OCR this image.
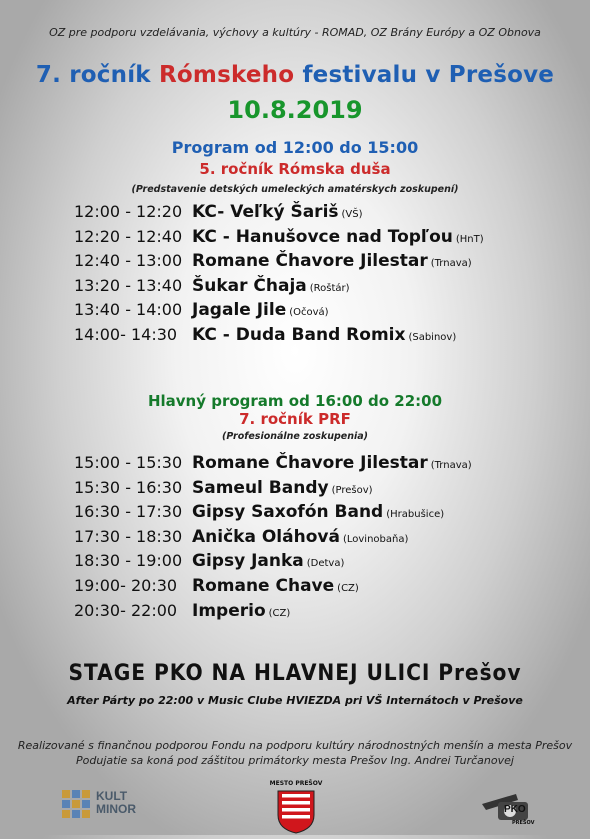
OZ pre podporu vzdelávania, výchovy a kultúry - ROMAD, OZ Brány Európy a OZ Obnova
7. ročník Rómskeho festivalu v Prešove
10.8.2019
Program od 12:00 do 15:00
5. ročník Rómska duša
(Predstavenie detských umeleckých amatérskych zoskupení)
12:00 - 12:20 KC- Veľký Šariš (VŠ)
12:20 - 12:40 KC - Hanušovce nad Topľou (HnT)
12:40 - 13:00 Romane Čhavore Jilestar (Trnava)
13:20 - 13:40 Šukar Čhaja (Roštár)
13:40 - 14:00 Jagale Jile (Očová)
14:00- 14:30 KC - Duda Band Romix (Sabinov)
Hlavný program od 16:00 do 22:00
7. ročník PRF
(Profesionálne zoskupenia)
15:00 - 15:30 Romane Čhavore Jilestar (Trnava)
15:30 - 16:30 Sameul Bandy (Prešov)
16:30 - 17:30 Gipsy Saxofón Band (Hrabušice)
17:30 - 18:30 Anička Oláhová (Lovinobaňa)
18:30 - 19:00 Gipsy Janka (Detva)
19:00- 20:30 Romane Chave (CZ)
20:30- 22:00 Imperio (CZ)
STAGE PKO NA HLAVNEJ ULICI Prešov
After Párty po 22:00 v Music Clube HVIEZDA pri VŠ Internátoch v Prešove
Realizované s finančnou podporou Fondu na podporu kultúry národnostných menšín a mesta Prešov
Podujatie sa koná pod záštitou primátorky mesta Prešov Ing. Andrei Turčanovej
KULT
MINOR
MESTO PREŠOV
PKO
PREŠOV
